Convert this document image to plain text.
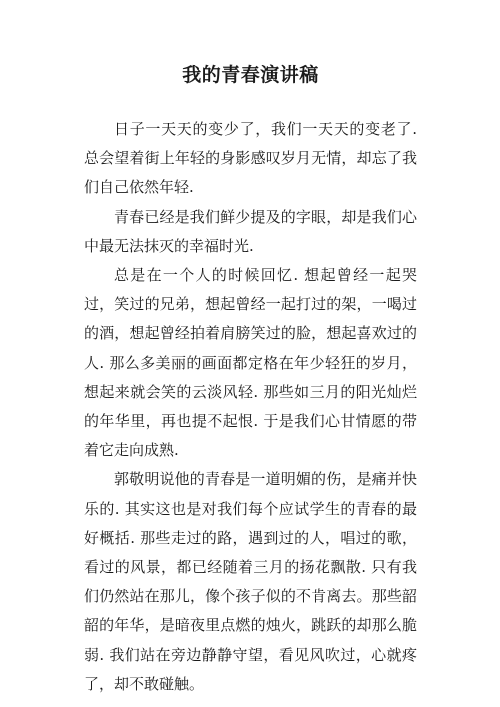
我的青春演讲稿

日子一天天的变少了，我们一天天的变老了. 总会望着街上年轻的身影感叹岁月无情，却忘了我们自己依然年轻.

青春已经是我们鲜少提及的字眼，却是我们心中最无法抹灭的幸福时光.

总是在一个人的时候回忆. 想起曾经一起哭过，笑过的兄弟，想起曾经一起打过的架，一喝过的酒，想起曾经拍着肩膀笑过的脸，想起喜欢过的人. 那么多美丽的画面都定格在年少轻狂的岁月，想起来就会笑的云淡风轻. 那些如三月的阳光灿烂的年华里，再也提不起恨. 于是我们心甘情愿的带着它走向成熟.

郭敬明说他的青春是一道明媚的伤，是痛并快乐的. 其实这也是对我们每个应试学生的青春的最好概括. 那些走过的路，遇到过的人，唱过的歌，看过的风景，都已经随着三月的扬花飘散. 只有我们仍然站在那儿，像个孩子似的不肯离去。那些韶韶的年华，是暗夜里点燃的烛火，跳跃的却那么脆弱. 我们站在旁边静静守望，看见风吹过，心就疼了，却不敢碰触。
